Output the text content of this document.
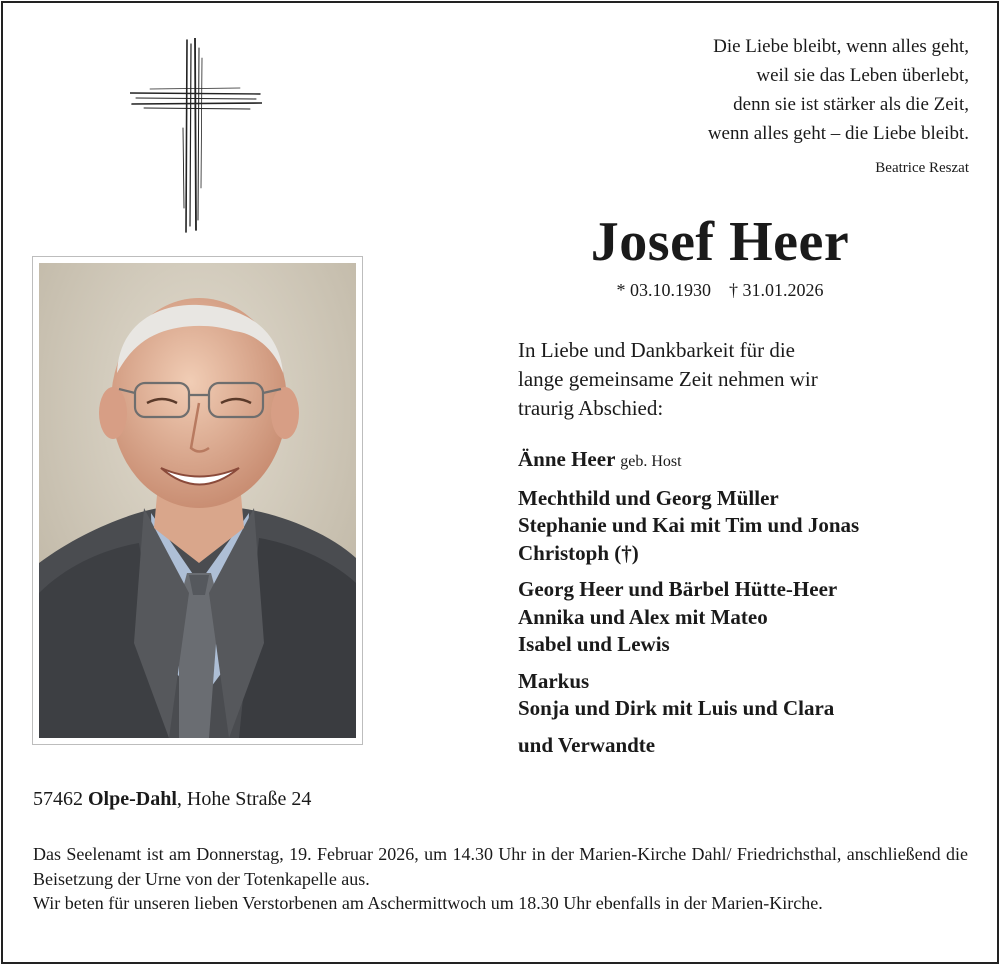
Die Liebe bleibt, wenn alles geht,
weil sie das Leben überlebt,
denn sie ist stärker als die Zeit,
wenn alles geht – die Liebe bleibt.
Beatrice Reszat
Josef Heer
* 03.10.1930 † 31.01.2026
In Liebe und Dankbarkeit für die
lange gemeinsame Zeit nehmen wir
traurig Abschied:
Änne Heer geb. Host
Mechthild und Georg Müller
Stephanie und Kai mit Tim und Jonas
Christoph (†)
Georg Heer und Bärbel Hütte-Heer
Annika und Alex mit Mateo
Isabel und Lewis
Markus
Sonja und Dirk mit Luis und Clara
und Verwandte
57462 Olpe-Dahl, Hohe Straße 24
Das Seelenamt ist am Donnerstag, 19. Februar 2026, um 14.30 Uhr in der Marien-Kirche Dahl/ Friedrichsthal, anschließend die Beisetzung der Urne von der Totenkapelle aus.
Wir beten für unseren lieben Verstorbenen am Aschermittwoch um 18.30 Uhr ebenfalls in der Marien-Kirche.
